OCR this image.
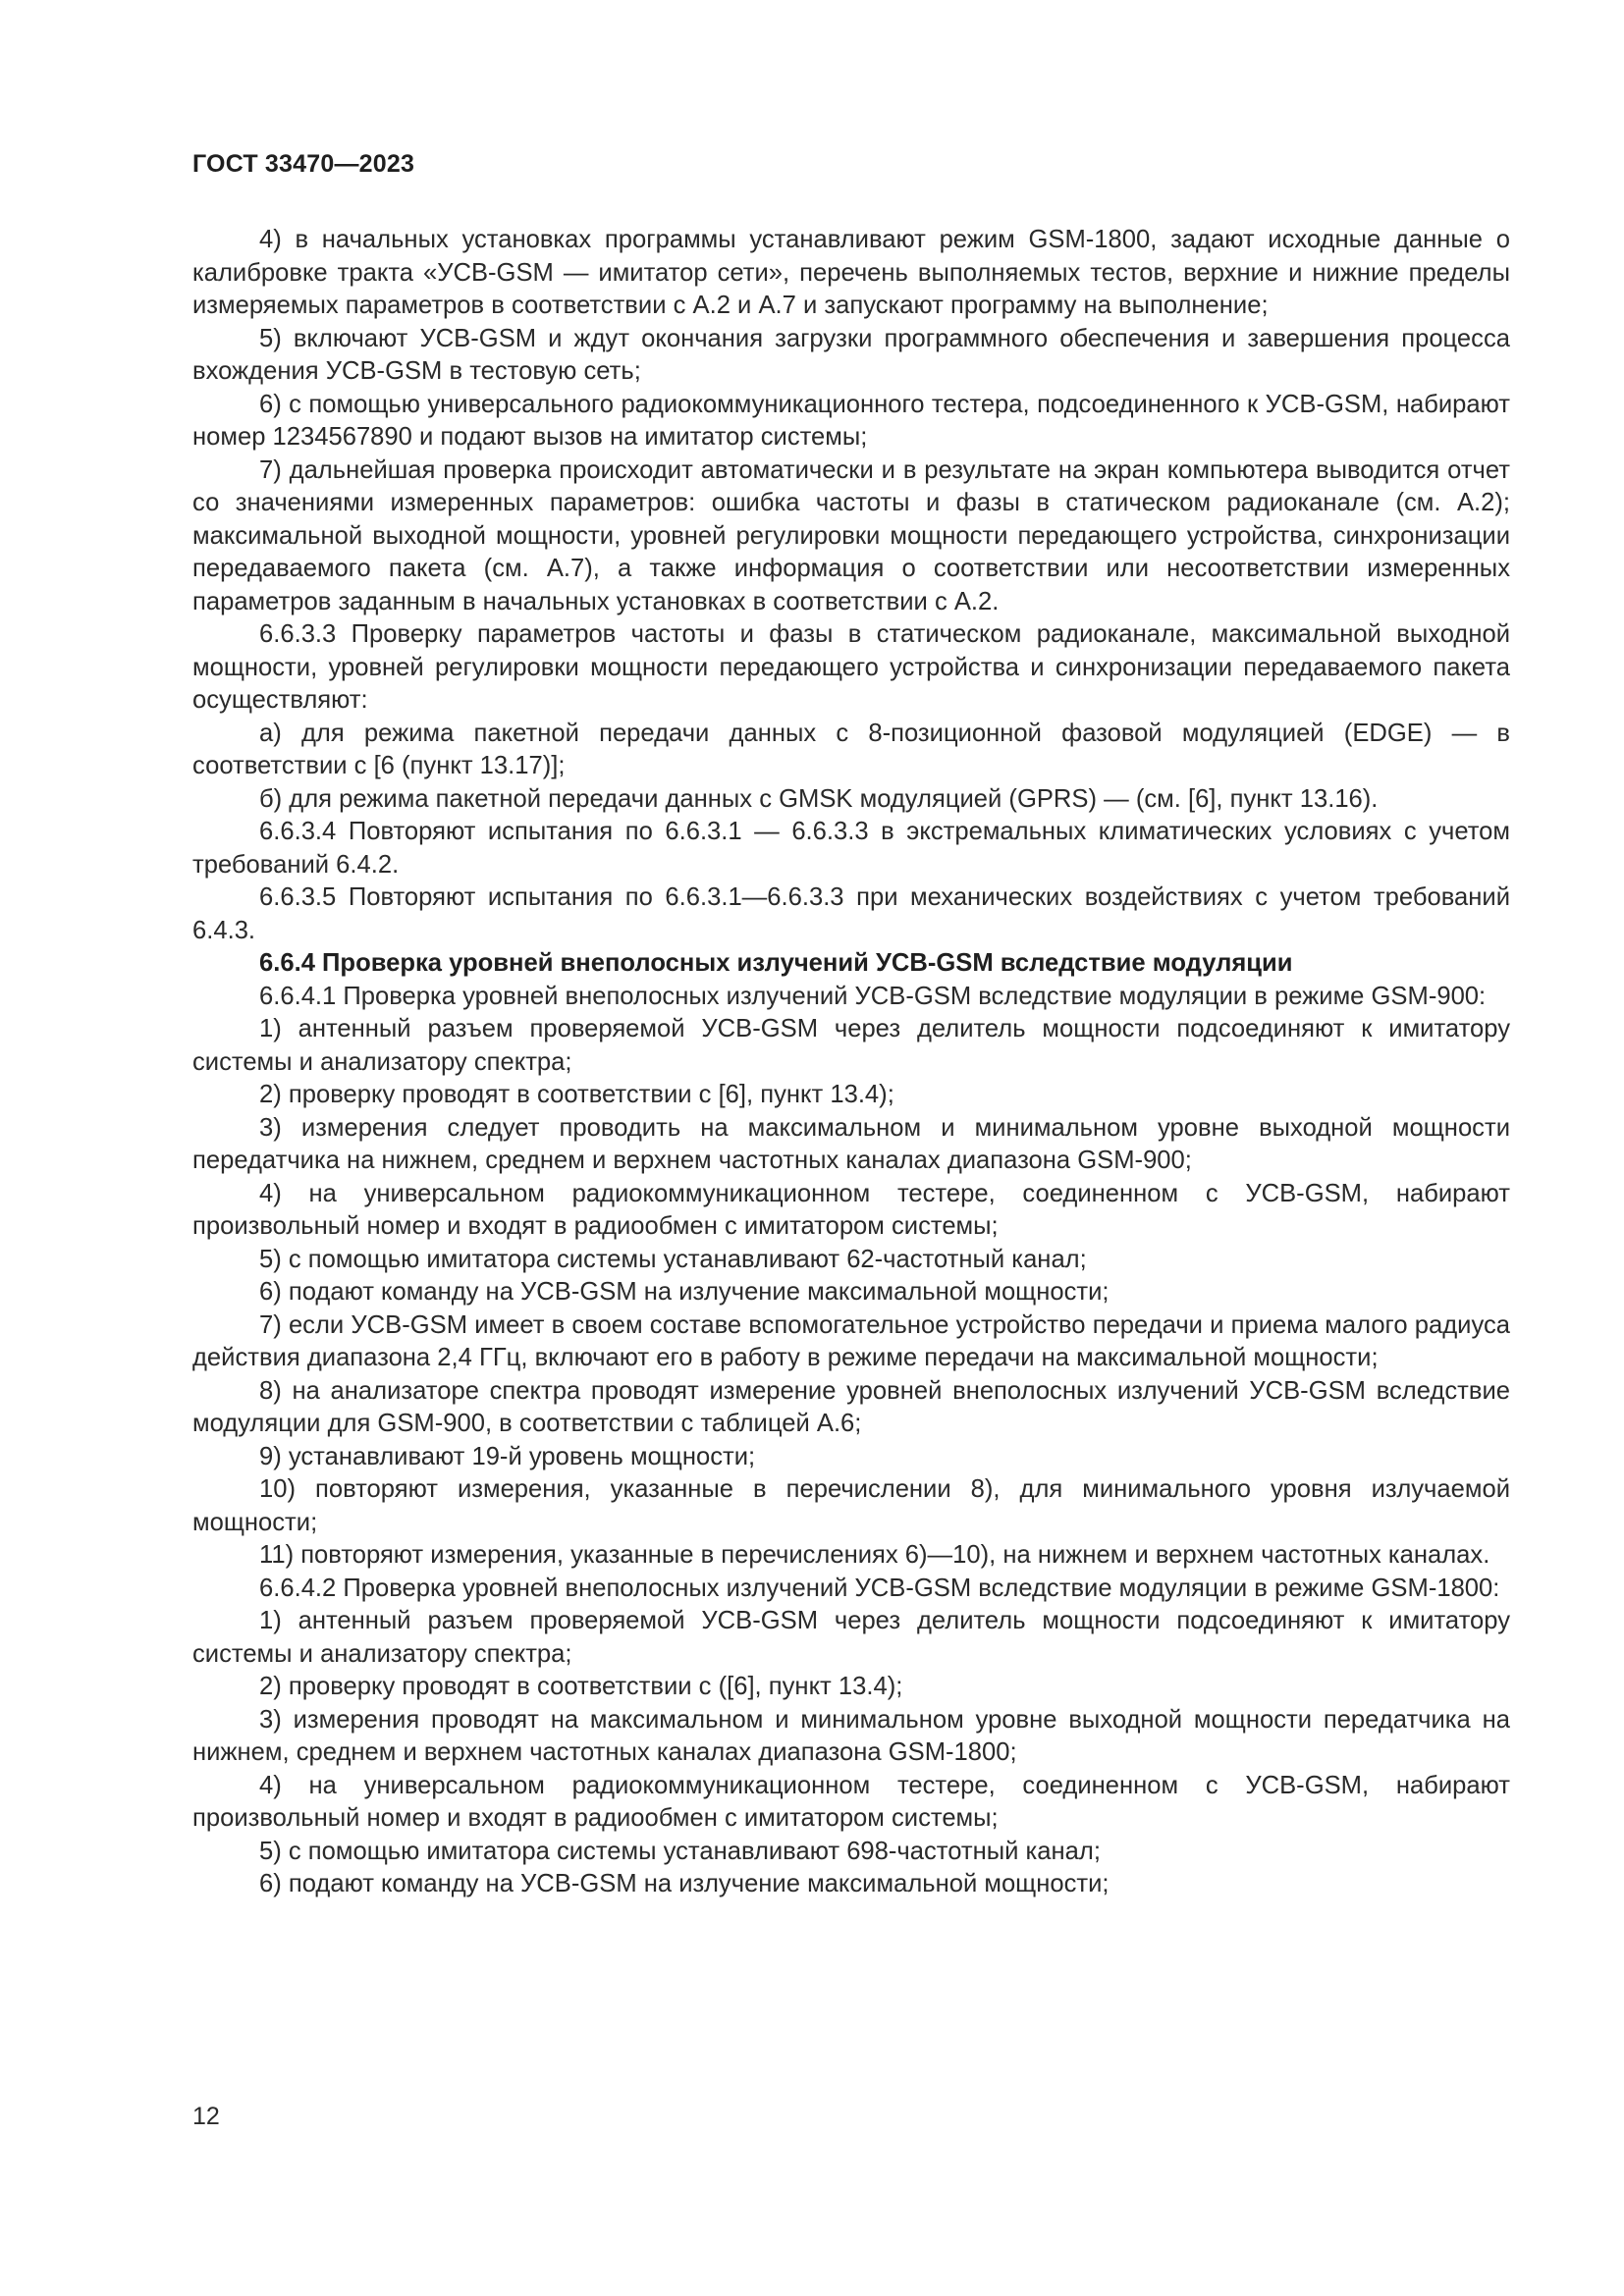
ГОСТ 33470—2023

4) в начальных установках программы устанавливают режим GSM-1800, задают исходные данные о калибровке тракта «УСВ-GSM — имитатор сети», перечень выполняемых тестов, верхние и нижние пределы измеряемых параметров в соответствии с А.2 и А.7 и запускают программу на выполнение;

5) включают УСВ-GSM и ждут окончания загрузки программного обеспечения и завершения процесса вхождения УСВ-GSM в тестовую сеть;

6) с помощью универсального радиокоммуникационного тестера, подсоединенного к УСВ-GSM, набирают номер 1234567890 и подают вызов на имитатор системы;

7) дальнейшая проверка происходит автоматически и в результате на экран компьютера выводится отчет со значениями измеренных параметров: ошибка частоты и фазы в статическом радиоканале (см. А.2); максимальной выходной мощности, уровней регулировки мощности передающего устройства, синхронизации передаваемого пакета (см. А.7), а также информация о соответствии или несоответствии измеренных параметров заданным в начальных установках в соответствии с А.2.

6.6.3.3 Проверку параметров частоты и фазы в статическом радиоканале, максимальной выходной мощности, уровней регулировки мощности передающего устройства и синхронизации передаваемого пакета осуществляют:

а) для режима пакетной передачи данных с 8-позиционной фазовой модуляцией (EDGE) — в соответствии с [6 (пункт 13.17)];

б) для режима пакетной передачи данных с GMSK модуляцией (GPRS) — (см. [6], пункт 13.16).

6.6.3.4 Повторяют испытания по 6.6.3.1 — 6.6.3.3 в экстремальных климатических условиях с учетом требований 6.4.2.

6.6.3.5 Повторяют испытания по 6.6.3.1—6.6.3.3 при механических воздействиях с учетом требований 6.4.3.

6.6.4 Проверка уровней внеполосных излучений УСВ-GSM вследствие модуляции

6.6.4.1 Проверка уровней внеполосных излучений УСВ-GSM вследствие модуляции в режиме GSM-900:

1) антенный разъем проверяемой УСВ-GSM через делитель мощности подсоединяют к имитатору системы и анализатору спектра;

2) проверку проводят в соответствии с [6], пункт 13.4);

3) измерения следует проводить на максимальном и минимальном уровне выходной мощности передатчика на нижнем, среднем и верхнем частотных каналах диапазона GSM-900;

4) на универсальном радиокоммуникационном тестере, соединенном с УСВ-GSM, набирают произвольный номер и входят в радиообмен с имитатором системы;

5) с помощью имитатора системы устанавливают 62-частотный канал;

6) подают команду на УСВ-GSM на излучение максимальной мощности;

7) если УСВ-GSM имеет в своем составе вспомогательное устройство передачи и приема малого радиуса действия диапазона 2,4 ГГц, включают его в работу в режиме передачи на максимальной мощности;

8) на анализаторе спектра проводят измерение уровней внеполосных излучений УСВ-GSM вследствие модуляции для GSM-900, в соответствии с таблицей А.6;

9) устанавливают 19-й уровень мощности;

10) повторяют измерения, указанные в перечислении 8), для минимального уровня излучаемой мощности;

11) повторяют измерения, указанные в перечислениях 6)—10), на нижнем и верхнем частотных каналах.

6.6.4.2 Проверка уровней внеполосных излучений УСВ-GSM вследствие модуляции в режиме GSM-1800:

1) антенный разъем проверяемой УСВ-GSM через делитель мощности подсоединяют к имитатору системы и анализатору спектра;

2) проверку проводят в соответствии с ([6], пункт 13.4);

3) измерения проводят на максимальном и минимальном уровне выходной мощности передатчика на нижнем, среднем и верхнем частотных каналах диапазона GSM-1800;

4) на универсальном радиокоммуникационном тестере, соединенном с УСВ-GSM, набирают произвольный номер и входят в радиообмен с имитатором системы;

5) с помощью имитатора системы устанавливают 698-частотный канал;

6) подают команду на УСВ-GSM на излучение максимальной мощности;

12
